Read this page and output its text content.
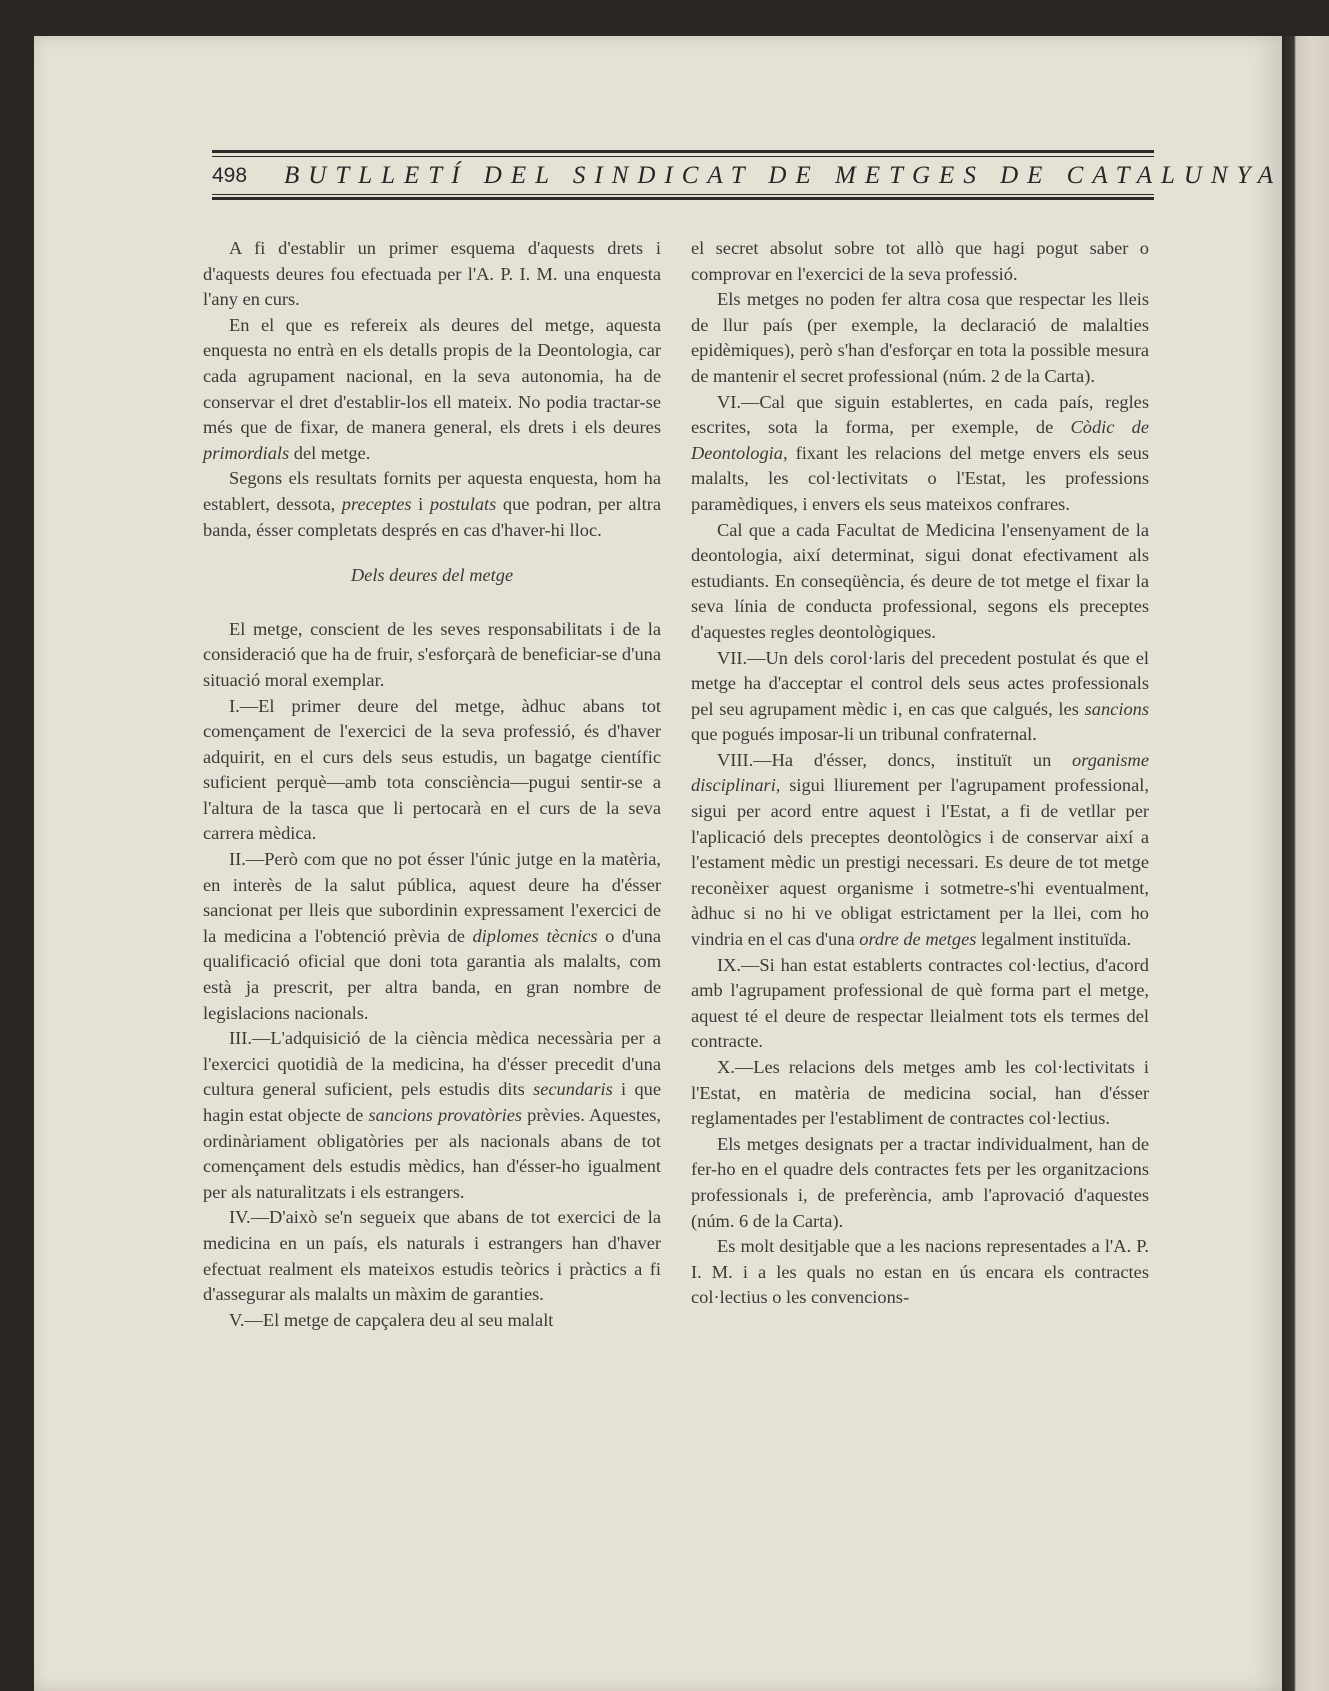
498 BUTLLETÍ DEL SINDICAT DE METGES DE CATALUNYA

A fi d'establir un primer esquema d'aquests drets i d'aquests deures fou efectuada per l'A. P. I. M. una enquesta l'any en curs.

En el que es refereix als deures del metge, aquesta enquesta no entrà en els detalls propis de la Deontologia, car cada agrupament nacional, en la seva autonomia, ha de conservar el dret d'establir-los ell mateix. No podia tractar-se més que de fixar, de manera general, els drets i els deures primordials del metge.

Segons els resultats fornits per aquesta enquesta, hom ha establert, dessota, preceptes i postulats que podran, per altra banda, ésser completats després en cas d'haver-hi lloc.

Dels deures del metge

El metge, conscient de les seves responsabilitats i de la consideració que ha de fruir, s'esforçarà de beneficiar-se d'una situació moral exemplar.

I.—El primer deure del metge, àdhuc abans tot començament de l'exercici de la seva professió, és d'haver adquirit, en el curs dels seus estudis, un bagatge científic suficient perquè—amb tota consciència—pugui sentir-se a l'altura de la tasca que li pertocarà en el curs de la seva carrera mèdica.

II.—Però com que no pot ésser l'únic jutge en la matèria, en interès de la salut pública, aquest deure ha d'ésser sancionat per lleis que subordinin expressament l'exercici de la medicina a l'obtenció prèvia de diplomes tècnics o d'una qualificació oficial que doni tota garantia als malalts, com està ja prescrit, per altra banda, en gran nombre de legislacions nacionals.

III.—L'adquisició de la ciència mèdica necessària per a l'exercici quotidià de la medicina, ha d'ésser precedit d'una cultura general suficient, pels estudis dits secundaris i que hagin estat objecte de sancions provatòries prèvies. Aquestes, ordinàriament obligatòries per als nacionals abans de tot començament dels estudis mèdics, han d'ésser-ho igualment per als naturalitzats i els estrangers.

IV.—D'això se'n segueix que abans de tot exercici de la medicina en un país, els naturals i estrangers han d'haver efectuat realment els mateixos estudis teòrics i pràctics a fi d'assegurar als malalts un màxim de garanties.

V.—El metge de capçalera deu al seu malalt

el secret absolut sobre tot allò que hagi pogut saber o comprovar en l'exercici de la seva professió.

Els metges no poden fer altra cosa que respectar les lleis de llur país (per exemple, la declaració de malalties epidèmiques), però s'han d'esforçar en tota la possible mesura de mantenir el secret professional (núm. 2 de la Carta).

VI.—Cal que siguin establertes, en cada país, regles escrites, sota la forma, per exemple, de Còdic de Deontologia, fixant les relacions del metge envers els seus malalts, les col·lectivitats o l'Estat, les professions paramèdiques, i envers els seus mateixos confrares.

Cal que a cada Facultat de Medicina l'ensenyament de la deontologia, així determinat, sigui donat efectivament als estudiants. En conseqüència, és deure de tot metge el fixar la seva línia de conducta professional, segons els preceptes d'aquestes regles deontològiques.

VII.—Un dels corol·laris del precedent postulat és que el metge ha d'acceptar el control dels seus actes professionals pel seu agrupament mèdic i, en cas que calgués, les sancions que pogués imposar-li un tribunal confraternal.

VIII.—Ha d'ésser, doncs, instituït un organisme disciplinari, sigui lliurement per l'agrupament professional, sigui per acord entre aquest i l'Estat, a fi de vetllar per l'aplicació dels preceptes deontològics i de conservar així a l'estament mèdic un prestigi necessari. Es deure de tot metge reconèixer aquest organisme i sotmetre-s'hi eventualment, àdhuc si no hi ve obligat estrictament per la llei, com ho vindria en el cas d'una ordre de metges legalment instituïda.

IX.—Si han estat establerts contractes col·lectius, d'acord amb l'agrupament professional de què forma part el metge, aquest té el deure de respectar lleialment tots els termes del contracte.

X.—Les relacions dels metges amb les col·lectivitats i l'Estat, en matèria de medicina social, han d'ésser reglamentades per l'establiment de contractes col·lectius.

Els metges designats per a tractar individualment, han de fer-ho en el quadre dels contractes fets per les organitzacions professionals i, de preferència, amb l'aprovació d'aquestes (núm. 6 de la Carta).

Es molt desitjable que a les nacions representades a l'A. P. I. M. i a les quals no estan en ús encara els contractes col·lectius o les convencions-
